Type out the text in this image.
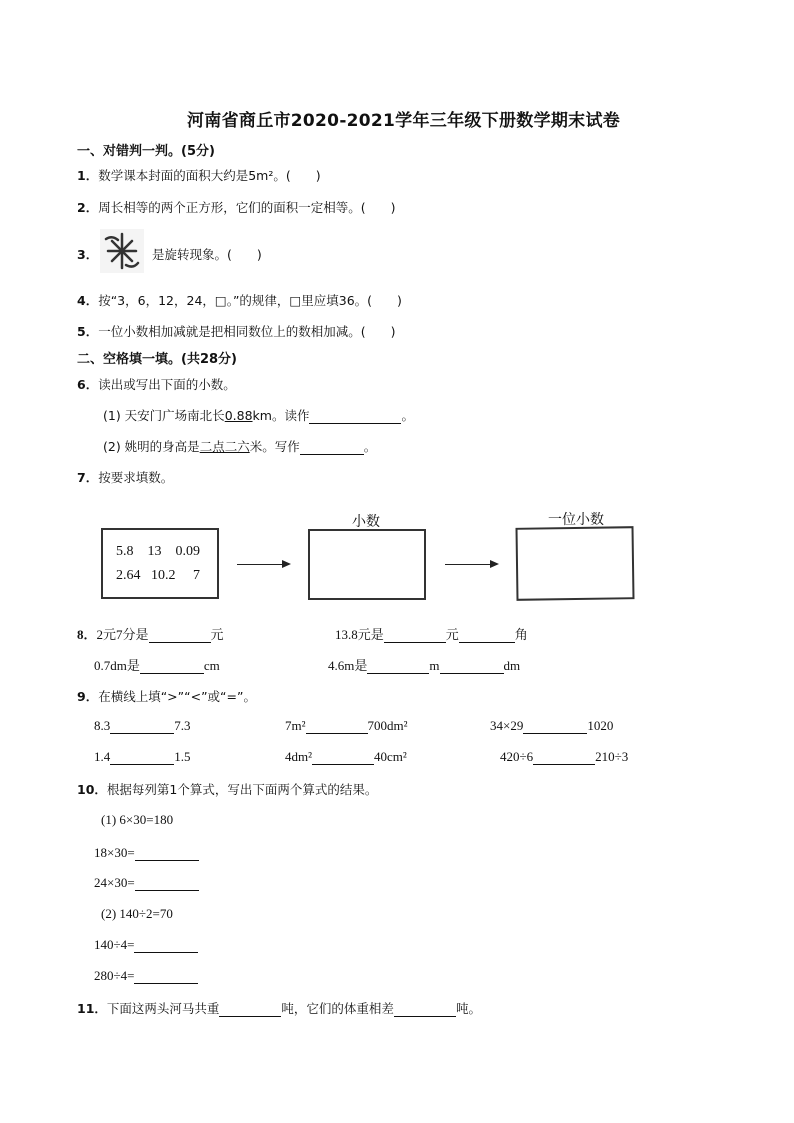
河南省商丘市2020-2021学年三年级下册数学期末试卷
一、对错判一判。(5分)
1．数学课本封面的面积大约是5m²。(　　)
2．周长相等的两个正方形，它们的面积一定相等。(　　)
3．	是旋转现象。(　　)
4．按“3，6，12，24，□。”的规律，□里应填36。(　　)
5．一位小数相加减就是把相同数位上的数相加减。(　　)
二、空格填一填。(共28分)
6．读出或写出下面的小数。
(1) 天安门广场南北长0.88km。读作	。
(2) 姚明的身高是二点二六米。写作	。
7．按要求填数。
5.8 13 0.09
2.64 10.2 7
小数	一位小数
8．2元7分是	元	13.8元是	元	角
0.7dm是	cm	4.6m是	m	dm
9．在横线上填“>”“<”或“=”。
8.3	7.3	7m²	700dm²	34×29	1020
1.4	1.5	4dm²	40cm²	420÷6	210÷3
10．根据每列第1个算式，写出下面两个算式的结果。
(1) 6×30=180
18×30=
24×30=
(2) 140÷2=70
140÷4=
280÷4=
11．下面这两头河马共重	吨，它们的体重相差	吨。
